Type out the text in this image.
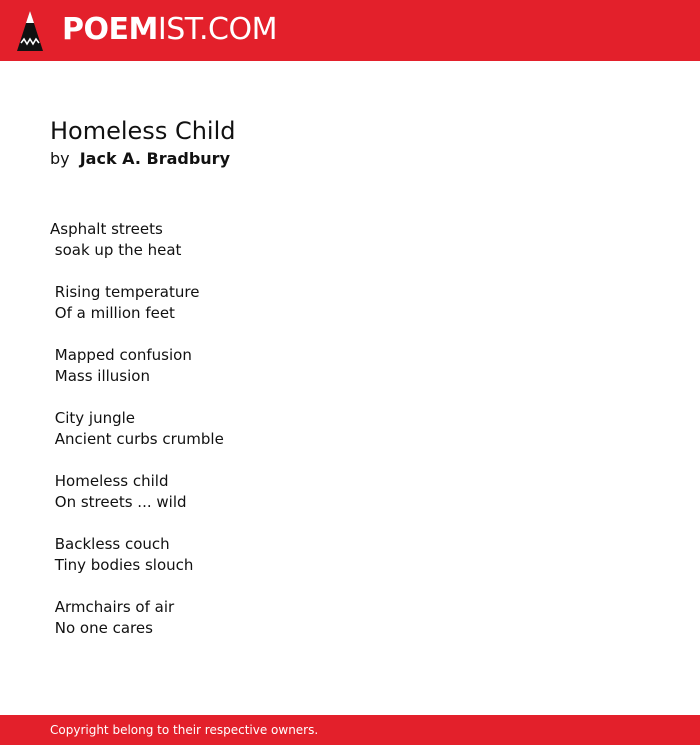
POEMIST.COM
Homeless Child
by Jack A. Bradbury
Asphalt streets
soak up the heat
Rising temperature
Of a million feet
Mapped confusion
Mass illusion
City jungle
Ancient curbs crumble
Homeless child
On streets ... wild
Backless couch
Tiny bodies slouch
Armchairs of air
No one cares
Copyright belong to their respective owners.
